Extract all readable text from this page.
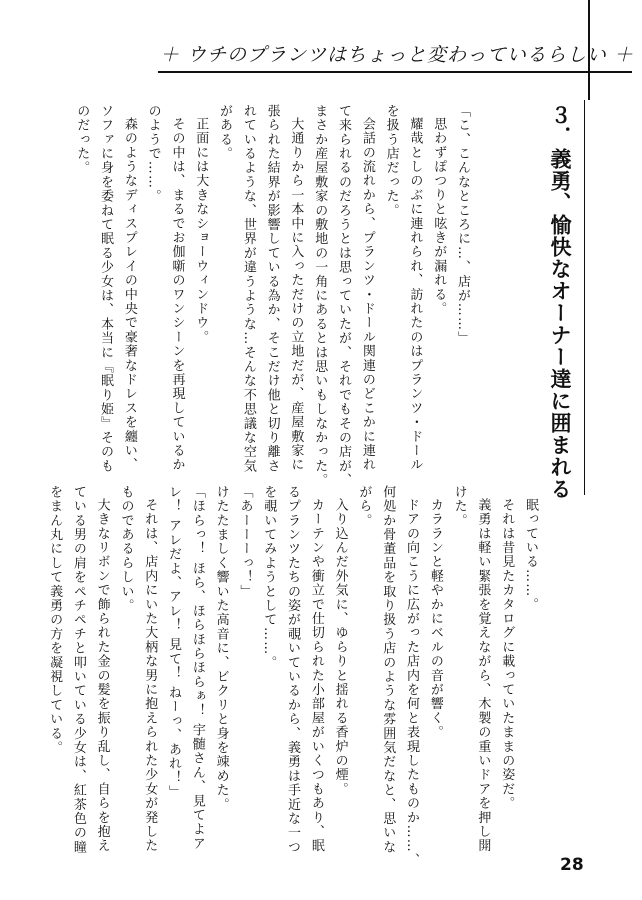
＋ ウチのプランツはちょっと変わっているらしい ＋
３．義勇、愉快なオーナー達に囲まれる
「こ、こんなところに…、店が……」
思わずぽつりと呟きが漏れる。
耀哉としのぶに連れられ、訪れたのはプランツ・ドール
を扱う店だった。
会話の流れから、プランツ・ドール関連のどこかに連れ
て来られるのだろうとは思っていたが、それでもその店が、
まさか産屋敷家の敷地の一角にあるとは思いもしなかった。
大通りから一本中に入っただけの立地だが、産屋敷家に
張られた結界が影響している為か、そこだけ他と切り離さ
れているような、世界が違うような…そんな不思議な空気
がある。
正面には大きなショーウィンドウ。
その中は、まるでお伽噺のワンシーンを再現しているか
のようで……。
森のようなディスプレイの中央で豪奢なドレスを纏い、
ソファに身を委ねて眠る少女は、本当に『眠り姫』そのも
のだった。
眠っている……。
それは昔見たカタログに載っていたままの姿だ。
義勇は軽い緊張を覚えながら、木製の重いドアを押し開
けた。
カラランと軽やかにベルの音が響く。
ドアの向こうに広がった店内を何と表現したものか……、
何処か骨董品を取り扱う店のような雰囲気だなと、思いな
がら。
入り込んだ外気に、ゆらりと揺れる香炉の煙。
カーテンや衝立で仕切られた小部屋がいくつもあり、眠
るプランツたちの姿が覗いているから、義勇は手近な一つ
を覗いてみようとして……。
「あーーーっ！」
けたたましく響いた高音に、ビクリと身を竦めた。
「ほらっ！ ほら、ほらほらほらぁ！ 宇髄さん、見てよア
レ！ アレだよ、アレ！ 見て！ ねーっ、あれ！」
それは、店内にいた大柄な男に抱えられた少女が発した
ものであるらしい。
大きなリボンで飾られた金の髪を振り乱し、自らを抱え
ている男の肩をペチペチと叩いている少女は、紅茶色の瞳
をまん丸にして義勇の方を凝視している。
28
